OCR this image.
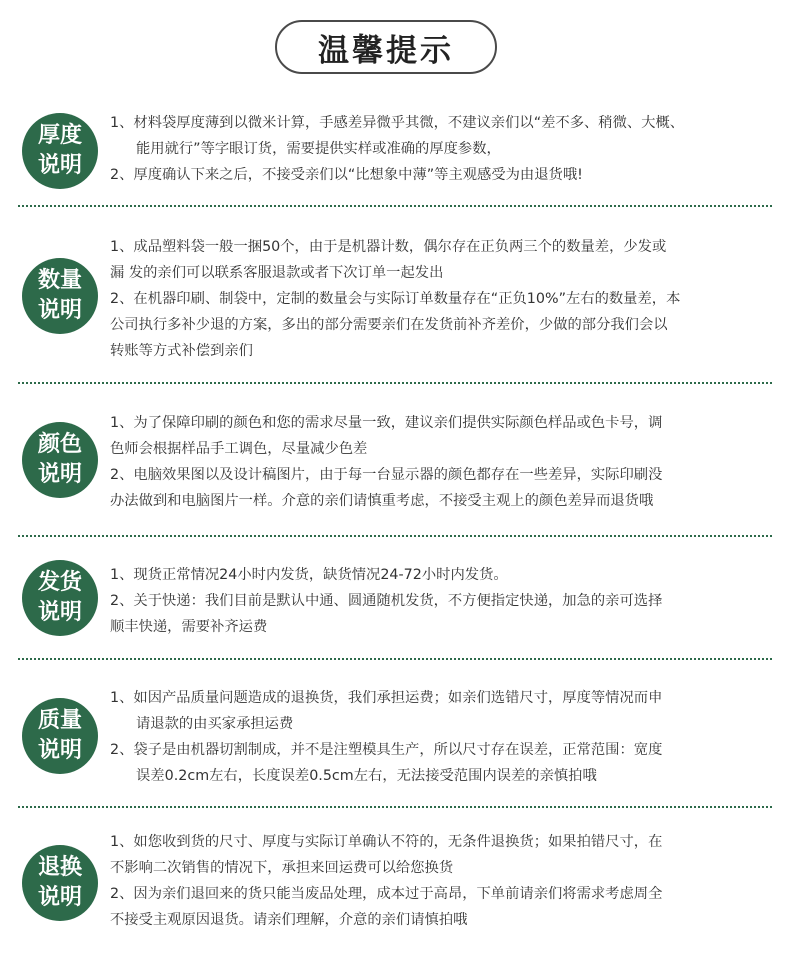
温馨提示
厚度
说明

1、材料袋厚度薄到以微米计算，手感差异微乎其微，不建议亲们以“差不多、稍微、大概、

能用就行”等字眼订货，需要提供实样或准确的厚度参数，

2、厚度确认下来之后，不接受亲们以“比想象中薄”等主观感受为由退货哦!

数量
说明

1、成品塑料袋一般一捆50个，由于是机器计数，偶尔存在正负两三个的数量差，少发或

漏 发的亲们可以联系客服退款或者下次订单一起发出

2、在机器印刷、制袋中，定制的数量会与实际订单数量存在“正负10%”左右的数量差，本

公司执行多补少退的方案，多出的部分需要亲们在发货前补齐差价，少做的部分我们会以

转账等方式补偿到亲们

颜色
说明

1、为了保障印刷的颜色和您的需求尽量一致，建议亲们提供实际颜色样品或色卡号，调

色师会根据样品手工调色，尽量减少色差

2、电脑效果图以及设计稿图片，由于每一台显示器的颜色都存在一些差异，实际印刷没

办法做到和电脑图片一样。介意的亲们请慎重考虑，不接受主观上的颜色差异而退货哦

发货
说明

1、现货正常情况24小时内发货，缺货情况24-72小时内发货。

2、关于快递：我们目前是默认中通、圆通随机发货，不方便指定快递，加急的亲可选择

顺丰快递，需要补齐运费

质量
说明

1、如因产品质量问题造成的退换货，我们承担运费；如亲们选错尺寸，厚度等情况而申

请退款的由买家承担运费

2、袋子是由机器切割制成，并不是注塑模具生产，所以尺寸存在误差，正常范围：宽度

误差0.2cm左右，长度误差0.5cm左右，无法接受范围内误差的亲慎拍哦

退换
说明

1、如您收到货的尺寸、厚度与实际订单确认不符的，无条件退换货；如果拍错尺寸，在

不影响二次销售的情况下，承担来回运费可以给您换货

2、因为亲们退回来的货只能当废品处理，成本过于高昂，下单前请亲们将需求考虑周全

不接受主观原因退货。请亲们理解，介意的亲们请慎拍哦
